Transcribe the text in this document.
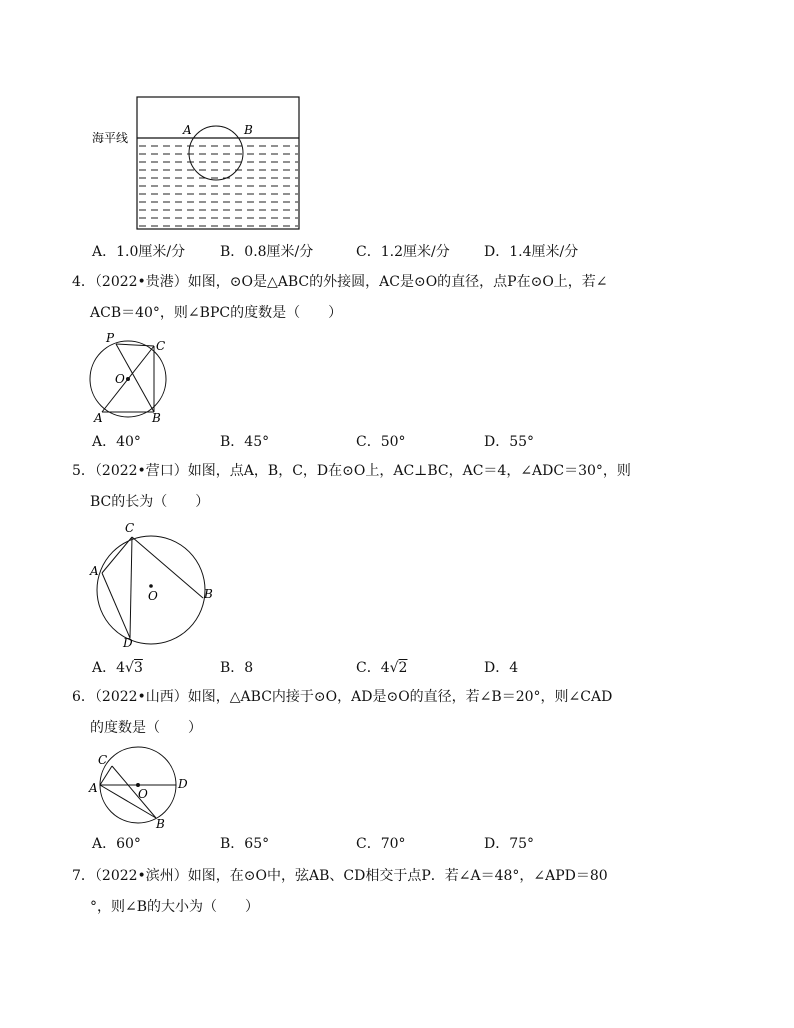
海平线
A	B
A．1.0厘米/分 B．0.8厘米/分	C．1.2厘米/分 D．1.4厘米/分
4．（2022•贵港）如图，⊙O是△ABC的外接圆，AC是⊙O的直径，点P在⊙O上，若∠
ACB＝40°，则∠BPC的度数是（　　）
P
C
O
A	B
A．40°	B．45°	C．50°	D．55°
5．（2022•营口）如图，点A，B，C，D在⊙O上，AC⊥BC，AC＝4，∠ADC＝30°，则
BC的长为（　　）
C
A
O	B
D
A．4√3	B．8	C．4√2	D．4
6．（2022•山西）如图，△ABC内接于⊙O，AD是⊙O的直径，若∠B＝20°，则∠CAD
的度数是（　　）
C
A	O
D
B
A．60°	B．65°	C．70°	D．75°
7．（2022•滨州）如图，在⊙O中，弦AB、CD相交于点P．若∠A＝48°，∠APD＝80
°，则∠B的大小为（　　）
